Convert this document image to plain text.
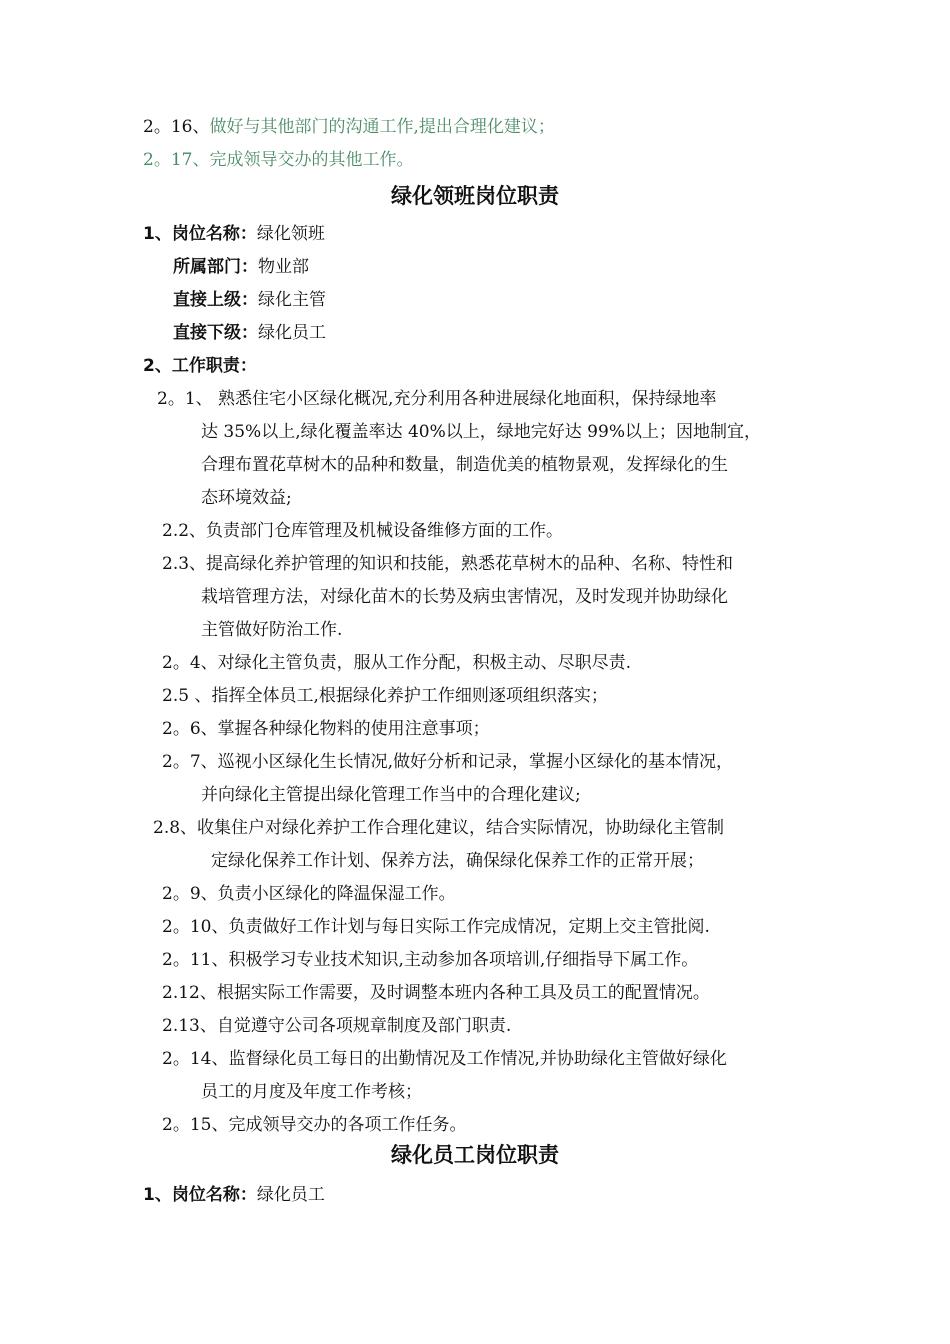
2。16、做好与其他部门的沟通工作,提出合理化建议；
2。17、完成领导交办的其他工作。
绿化领班岗位职责
1、岗位名称：绿化领班
所属部门：物业部
直接上级：绿化主管
直接下级：绿化员工
2、工作职责：
2。1、 熟悉住宅小区绿化概况,充分利用各种进展绿化地面积，保持绿地率
达 35%以上,绿化覆盖率达 40%以上，绿地完好达 99%以上；因地制宜，
合理布置花草树木的品种和数量，制造优美的植物景观，发挥绿化的生
态环境效益;
2.2、负责部门仓库管理及机械设备维修方面的工作。
2.3、提高绿化养护管理的知识和技能，熟悉花草树木的品种、名称、特性和
栽培管理方法，对绿化苗木的长势及病虫害情况，及时发现并协助绿化
主管做好防治工作.
2。4、对绿化主管负责，服从工作分配，积极主动、尽职尽责.
2.5 、指挥全体员工,根据绿化养护工作细则逐项组织落实；
2。6、掌握各种绿化物料的使用注意事项；
2。7、巡视小区绿化生长情况,做好分析和记录，掌握小区绿化的基本情况，
并向绿化主管提出绿化管理工作当中的合理化建议;
2.8、收集住户对绿化养护工作合理化建议，结合实际情况，协助绿化主管制
定绿化保养工作计划、保养方法，确保绿化保养工作的正常开展；
2。9、负责小区绿化的降温保湿工作。
2。10、负责做好工作计划与每日实际工作完成情况，定期上交主管批阅.
2。11、积极学习专业技术知识,主动参加各项培训,仔细指导下属工作。
2.12、根据实际工作需要，及时调整本班内各种工具及员工的配置情况。
2.13、自觉遵守公司各项规章制度及部门职责.
2。14、监督绿化员工每日的出勤情况及工作情况,并协助绿化主管做好绿化
员工的月度及年度工作考核；
2。15、完成领导交办的各项工作任务。
绿化员工岗位职责
1、岗位名称：绿化员工
